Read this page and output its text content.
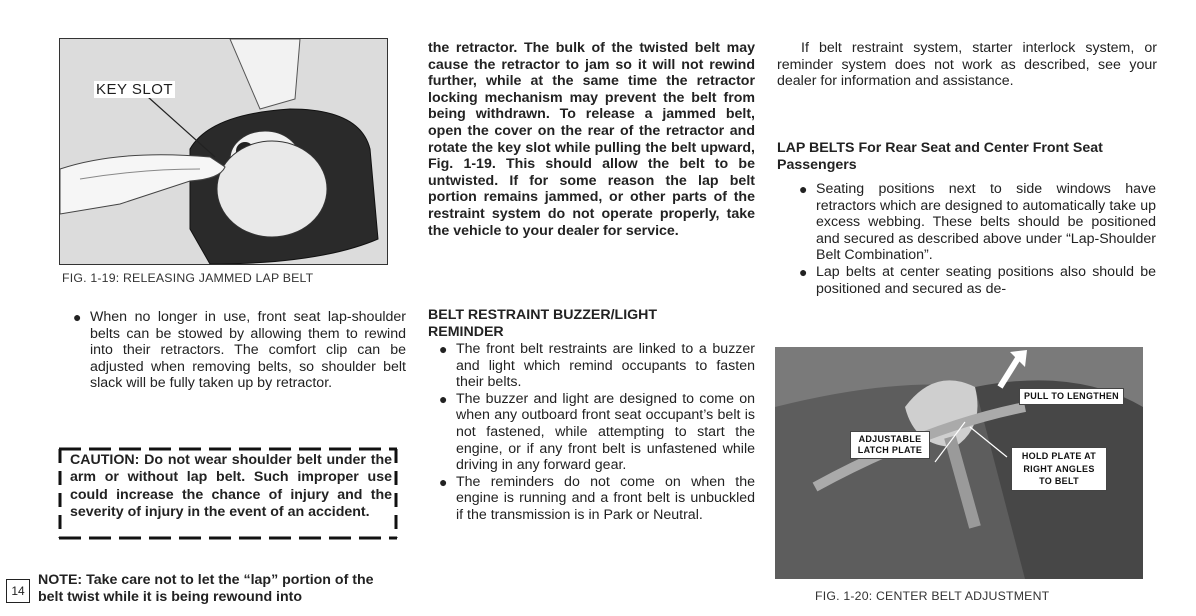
KEY SLOT
FIG. 1-19: RELEASING JAMMED LAP BELT
● When no longer in use, front seat lap-shoulder belts can be stowed by allowing them to rewind into their retractors. The comfort clip can be adjusted when removing belts, so shoulder belt slack will be fully taken up by retractor.
CAUTION: Do not wear shoulder belt under the arm or without lap belt. Such improper use could increase the chance of injury and the severity of injury in the event of an accident.
14
NOTE: Take care not to let the “lap” portion of the belt twist while it is being rewound into
the retractor. The bulk of the twisted belt may cause the retractor to jam so it will not rewind further, while at the same time the retractor locking mechanism may prevent the belt from being withdrawn. To release a jammed belt, open the cover on the rear of the retractor and rotate the key slot while pulling the belt upward, Fig. 1-19. This should allow the belt to be untwisted. If for some reason the lap belt portion remains jammed, or other parts of the restraint system do not operate properly, take the vehicle to your dealer for service.
BELT RESTRAINT BUZZER/LIGHT REMINDER
● The front belt restraints are linked to a buzzer and light which remind occupants to fasten their belts.
● The buzzer and light are designed to come on when any outboard front seat occupant’s belt is not fastened, while attempting to start the engine, or if any front belt is unfastened while driving in any forward gear.
● The reminders do not come on when the engine is running and a front belt is unbuckled if the transmission is in Park or Neutral.
If belt restraint system, starter interlock system, or reminder system does not work as described, see your dealer for information and assistance.
LAP BELTS For Rear Seat and Center Front Seat Passengers
● Seating positions next to side windows have retractors which are designed to automatically take up excess webbing. These belts should be positioned and secured as described above under “Lap-Shoulder Belt Combination”.
● Lap belts at center seating positions also should be positioned and secured as de-
PULL TO LENGTHEN
ADJUSTABLE LATCH PLATE
HOLD PLATE AT RIGHT ANGLES TO BELT
FIG. 1-20: CENTER BELT ADJUSTMENT
